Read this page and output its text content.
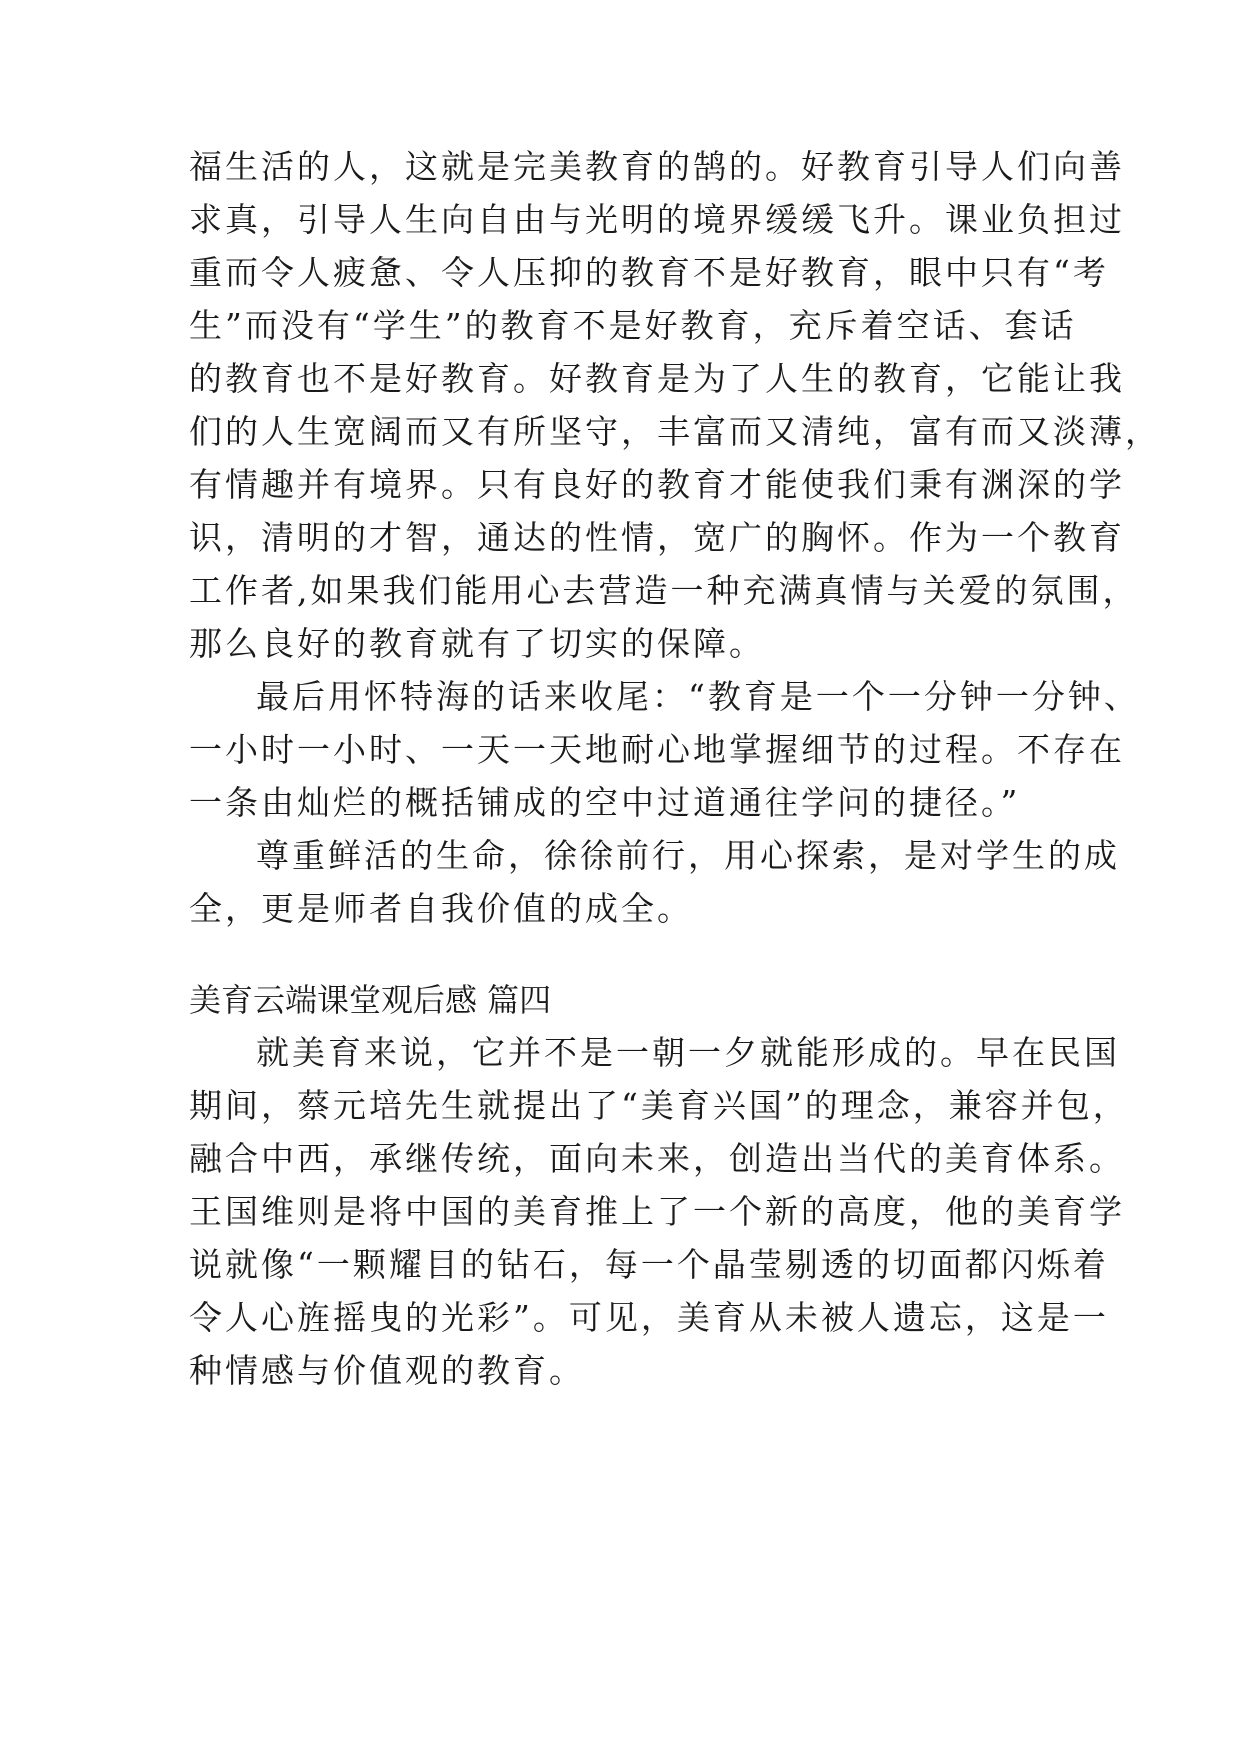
福生活的人，这就是完美教育的鹄的。好教育引导人们向善
求真，引导人生向自由与光明的境界缓缓飞升。课业负担过
重而令人疲惫、令人压抑的教育不是好教育，眼中只有“考
生”而没有“学生”的教育不是好教育，充斥着空话、套话
的教育也不是好教育。好教育是为了人生的教育，它能让我
们的人生宽阔而又有所坚守，丰富而又清纯，富有而又淡薄，
有情趣并有境界。只有良好的教育才能使我们秉有渊深的学
识，清明的才智，通达的性情，宽广的胸怀。作为一个教育
工作者,如果我们能用心去营造一种充满真情与关爱的氛围，
那么良好的教育就有了切实的保障。
最后用怀特海的话来收尾：“教育是一个一分钟一分钟、
一小时一小时、一天一天地耐心地掌握细节的过程。不存在
一条由灿烂的概括铺成的空中过道通往学问的捷径。”
尊重鲜活的生命，徐徐前行，用心探索，是对学生的成
全，更是师者自我价值的成全。
美育云端课堂观后感 篇四
就美育来说，它并不是一朝一夕就能形成的。早在民国
期间，蔡元培先生就提出了“美育兴国”的理念，兼容并包，
融合中西，承继传统，面向未来，创造出当代的美育体系。
王国维则是将中国的美育推上了一个新的高度，他的美育学
说就像“一颗耀目的钻石，每一个晶莹剔透的切面都闪烁着
令人心旌摇曳的光彩”。可见，美育从未被人遗忘，这是一
种情感与价值观的教育。
